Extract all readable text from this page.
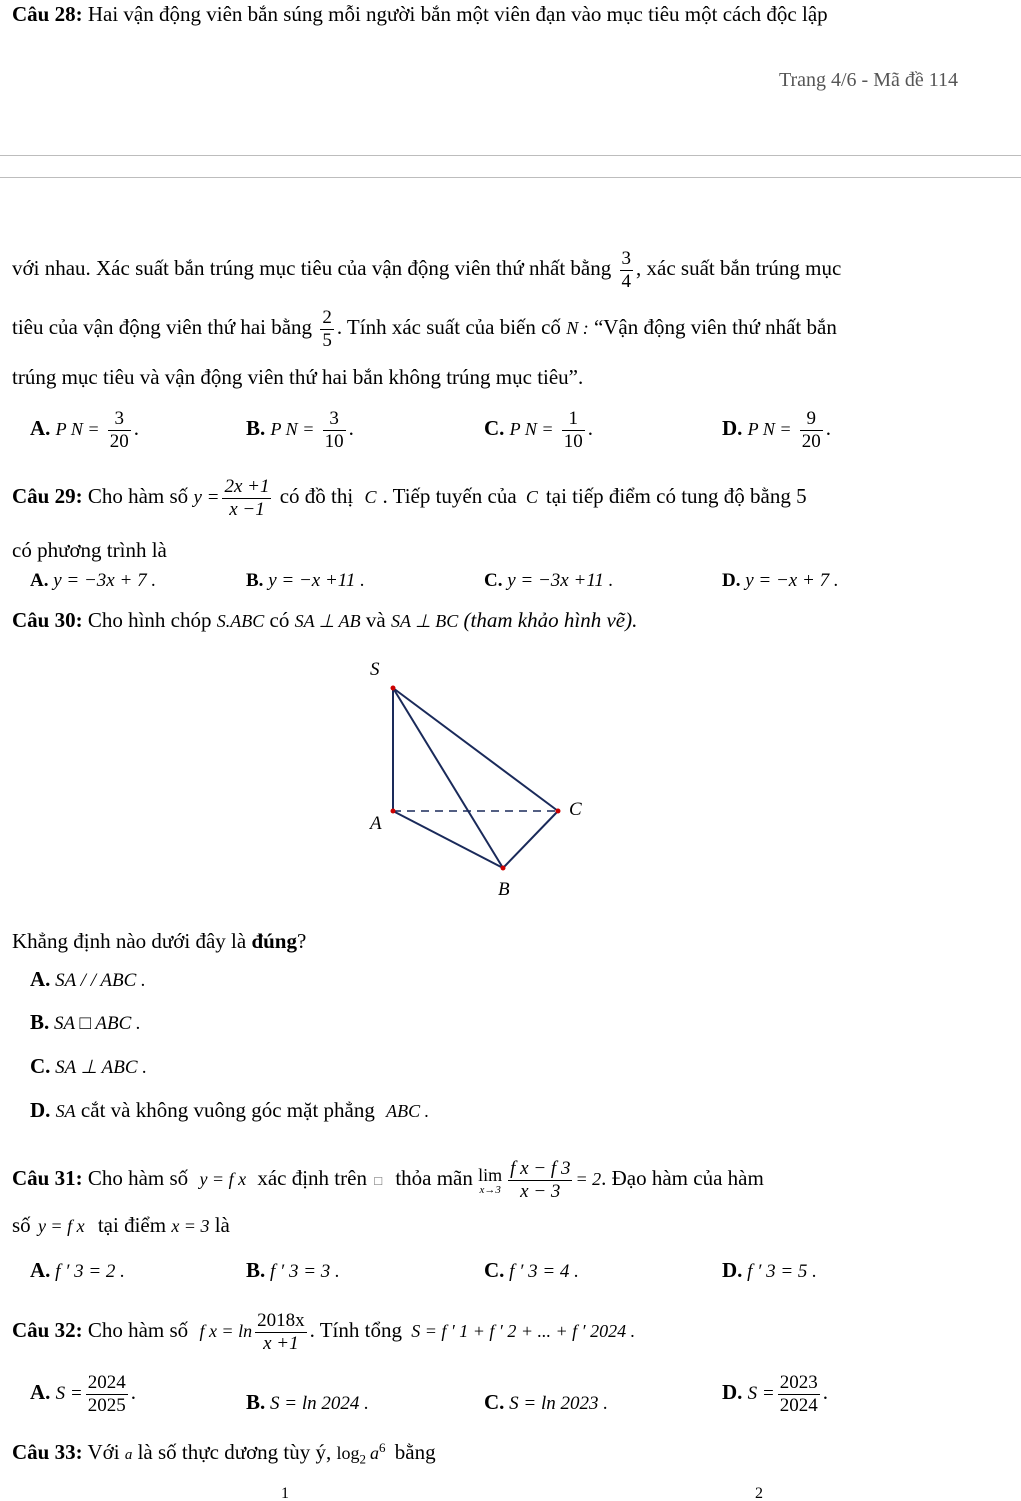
Câu 28: Hai vận động viên bắn súng mỗi người bắn một viên đạn vào mục tiêu một cách độc lập
Trang 4/6 - Mã đề 114
với nhau. Xác suất bắn trúng mục tiêu của vận động viên thứ nhất bằng $\frac{3}{4}$ , xác suất bắn trúng mục
tiêu của vận động viên thứ hai bằng $\frac{2}{5}$ . Tính xác suất của biến cố N : “Vận động viên thứ nhất bắn
trúng mục tiêu và vận động viên thứ hai bắn không trúng mục tiêu”.
A. P $N = \frac{3}{20}$ .	B. P $N = \frac{3}{10}$ .	C. P $N = \frac{1}{10}$ .	D. P $N = \frac{9}{20}$ .
Câu 29: Cho hàm số $y = \frac{2x +1}{x -1}$ có đồ thị C . Tiếp tuyến của C tại tiếp điểm có tung độ bằng 5
có phương trình là
A. y = −3x + 7 .	B. y = −x +11 .	C. y = −3x +11 .	D. y = −x + 7 .
Câu 30: Cho hình chóp S.ABC có SA ⊥ AB và SA ⊥ BC (tham khảo hình vẽ).
S
A
B
C
Khẳng định nào dưới đây là đúng?
A. SA / / ABC .
B. SA □ ABC .
C. SA ⊥ ABC .
D. SA cắt và không vuông góc mặt phẳng ABC .
Câu 31: Cho hàm số y = f x xác định trên □ thỏa mãn lim
$x\to 3 \frac{\text{f x − f 3}}{x - 3} = 2$. Đạo hàm của hàm
số y = f x tại điểm x = 3 là
A. f ′ 3 = 2 .	B. f ′ 3 = 3 .	C. f ′ 3 = 4 .	D. f ′ 3 = 5 .
Câu 32: Cho hàm số f $x = \ln \frac{2018x}{x +1}$ . Tính tổng S = f ′ 1 + f ′ 2 + ... + f ′ 2024 .
A. $S = \frac{2024}{2025}$ .	B. S = ln 2024 .	C. S = ln 2023 .	D. $S = \frac{2023}{2024}$ .
Câu 33: Với a là số thực dương tùy ý, $\log_2 a^6$ bằng
1	2
